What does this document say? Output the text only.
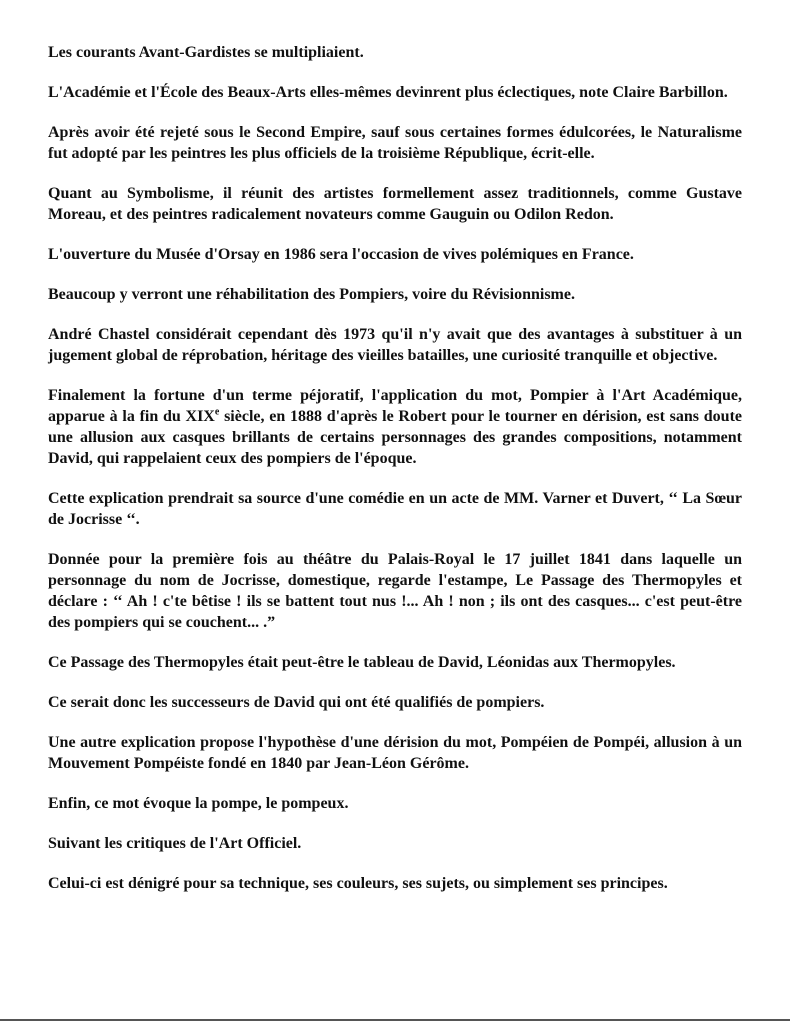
Les courants Avant-Gardistes se multipliaient.

L'Académie et l'École des Beaux-Arts elles-mêmes devinrent plus éclectiques, note Claire Barbillon.

Après avoir été rejeté sous le Second Empire, sauf sous certaines formes édulcorées, le Naturalisme fut adopté par les peintres les plus officiels de la troisième République, écrit-elle.

Quant au Symbolisme, il réunit des artistes formellement assez traditionnels, comme Gustave Moreau, et des peintres radicalement novateurs comme Gauguin ou Odilon Redon.

L'ouverture du Musée d'Orsay en 1986 sera l'occasion de vives polémiques en France.

Beaucoup y verront une réhabilitation des Pompiers, voire du Révisionnisme.

André Chastel considérait cependant dès 1973 qu'il n'y avait que des avantages à substituer à un jugement global de réprobation, héritage des vieilles batailles, une curiosité tranquille et objective.

Finalement la fortune d'un terme péjoratif, l'application du mot, Pompier à l'Art Académique, apparue à la fin du XIXe siècle, en 1888 d'après le Robert pour le tourner en dérision, est sans doute une allusion aux casques brillants de certains personnages des grandes compositions, notamment David, qui rappelaient ceux des pompiers de l'époque.

Cette explication prendrait sa source d'une comédie en un acte de MM. Varner et Duvert, ‘‘ La Sœur de Jocrisse ‘‘.

Donnée pour la première fois au théâtre du Palais-Royal le 17 juillet 1841 dans laquelle un personnage du nom de Jocrisse, domestique, regarde l'estampe, Le Passage des Thermopyles et déclare : ‘‘ Ah ! c'te bêtise ! ils se battent tout nus !... Ah ! non ; ils ont des casques... c'est peut-être des pompiers qui se couchent... .”

Ce Passage des Thermopyles était peut-être le tableau de David, Léonidas aux Thermopyles.

Ce serait donc les successeurs de David qui ont été qualifiés de pompiers.

Une autre explication propose l'hypothèse d'une dérision du mot, Pompéien de Pompéi, allusion à un Mouvement Pompéiste fondé en 1840 par Jean-Léon Gérôme.

Enfin, ce mot évoque la pompe, le pompeux.

Suivant les critiques de l'Art Officiel.

Celui-ci est dénigré pour sa technique, ses couleurs, ses sujets, ou simplement ses principes.
